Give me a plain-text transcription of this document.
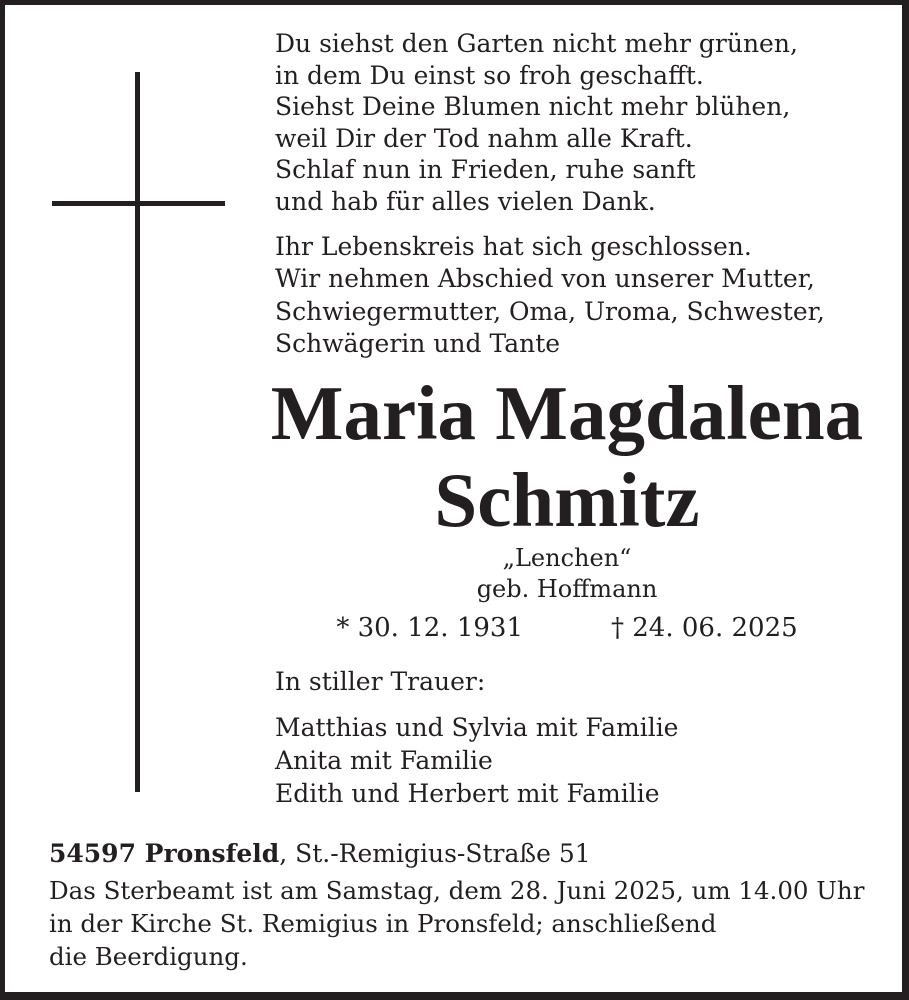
Du siehst den Garten nicht mehr grünen,
in dem Du einst so froh geschafft.
Siehst Deine Blumen nicht mehr blühen,
weil Dir der Tod nahm alle Kraft.
Schlaf nun in Frieden, ruhe sanft
und hab für alles vielen Dank.
Ihr Lebenskreis hat sich geschlossen.
Wir nehmen Abschied von unserer Mutter,
Schwiegermutter, Oma, Uroma, Schwester,
Schwägerin und Tante
Maria Magdalena
Schmitz
„Lenchen“
geb. Hoffmann
* 30. 12. 1931	† 24. 06. 2025
In stiller Trauer:
Matthias und Sylvia mit Familie
Anita mit Familie
Edith und Herbert mit Familie
54597 Pronsfeld, St.-Remigius-Straße 51
Das Sterbeamt ist am Samstag, dem 28. Juni 2025, um 14.00 Uhr
in der Kirche St. Remigius in Pronsfeld; anschließend
die Beerdigung.
